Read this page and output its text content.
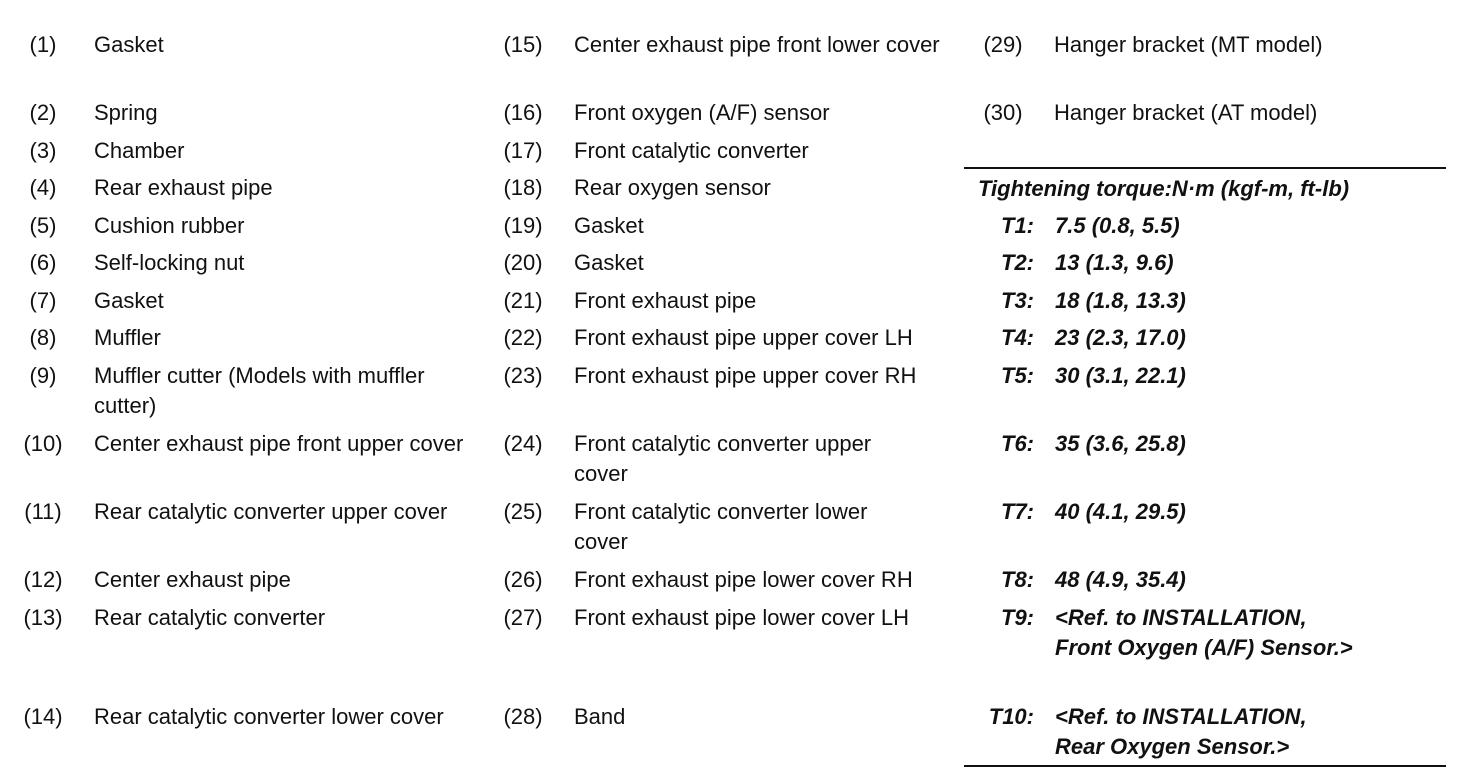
(1)	Gasket
(2)	Spring
(3)	Chamber
(4)	Rear exhaust pipe
(5)	Cushion rubber
(6)	Self-locking nut
(7)	Gasket
(8)	Muffler
(9)	Muffler cutter (Models with muffler cutter)
(10)	Center exhaust pipe front upper cover
(11)	Rear catalytic converter upper cover
(12)	Center exhaust pipe
(13)	Rear catalytic converter
(14)	Rear catalytic converter lower cover
(15)	Center exhaust pipe front lower cover
(16)	Front oxygen (A/F) sensor
(17)	Front catalytic converter
(18)	Rear oxygen sensor
(19)	Gasket
(20)	Gasket
(21)	Front exhaust pipe
(22)	Front exhaust pipe upper cover LH
(23)	Front exhaust pipe upper cover RH
(24)	Front catalytic converter upper cover
(25)	Front catalytic converter lower cover
(26)	Front exhaust pipe lower cover RH
(27)	Front exhaust pipe lower cover LH
(28)	Band
(29)	Hanger bracket (MT model)
(30)	Hanger bracket (AT model)
Tightening torque:N·m (kgf-m, ft-lb)
T1: 7.5 (0.8, 5.5)
T2: 13 (1.3, 9.6)
T3: 18 (1.8, 13.3)
T4: 23 (2.3, 17.0)
T5: 30 (3.1, 22.1)
T6: 35 (3.6, 25.8)
T7: 40 (4.1, 29.5)
T8: 48 (4.9, 35.4)
T9: <Ref. to INSTALLATION, Front Oxygen (A/F) Sensor.>
T10: <Ref. to INSTALLATION, Rear Oxygen Sensor.>
